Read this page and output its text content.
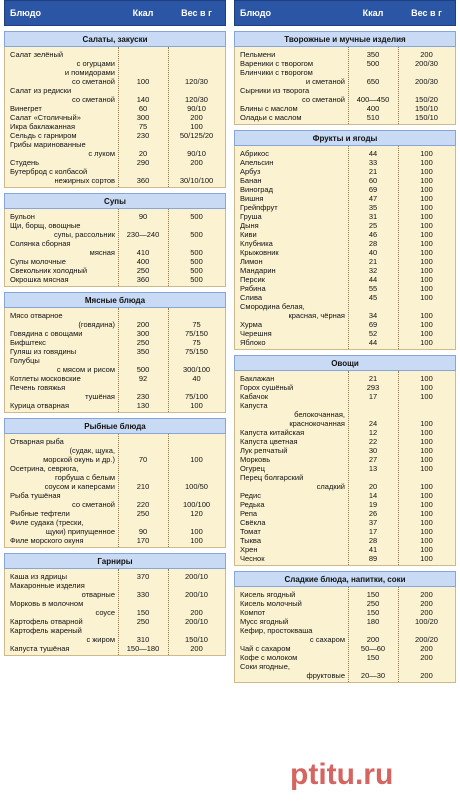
Блюдо	Ккал	Вес в г
Салаты, закуски
Салат зелёный
с огурцами
и помидорами
со сметаной	100	120/30
Салат из редиски
со сметаной	140	120/30
Винегрет	60	90/10
Салат «Столичный»	300	200
Икра баклажанная	75	100
Сельдь с гарниром	230	50/125/20
Грибы маринованные
с луком	20	90/10
Студень	290	200
Бутерброд с колбасой
нежирных сортов	360	30/10/100
Супы
Бульон	90	500
Щи, борщ, овощные
супы, рассольник	230—240	500
Солянка сборная
мясная	410	500
Супы молочные	400	500
Свекольник холодный	250	500
Окрошка мясная	360	500
Мясные блюда
Мясо отварное
(говядина)	200	75
Говядина с овощами	300	75/150
Бифштекс	250	75
Гуляш из говядины	350	75/150
Голубцы
с мясом и рисом	500	300/100
Котлеты московские	92	40
Печень говяжья
тушёная	230	75/100
Курица отварная	130	100
Рыбные блюда
Отварная рыба
(судак, щука,
морской окунь и др.)	70	100
Осетрина, севрюга,
горбуша с белым
соусом и каперсами	210	100/50
Рыба тушёная
со сметаной	220	100/100
Рыбные тефтели	250	120
Филе судака (трески,
щуки) припущенное	90	100
Филе морского окуня	170	100
Гарниры
Каша из ядрицы	370	200/10
Макаронные изделия
отварные	330	200/10
Морковь в молочном
соусе	150	200
Картофель отварной	250	200/10
Картофель жареный
с жиром	310	150/10
Капуста тушёная	150—180	200
Блюдо	Ккал	Вес в г
Творожные и мучные изделия
Пельмени	350	200
Вареники с творогом	500	200/30
Блинчики с творогом
и сметаной	650	200/30
Сырники из творога
со сметаной	400—450	150/20
Блины с маслом	400	150/10
Оладьи с маслом	510	150/10
Фрукты и ягоды
Абрикос	44	100
Апельсин	33	100
Арбуз	21	100
Банан	60	100
Виноград	69	100
Вишня	47	100
Грейпфрут	35	100
Груша	31	100
Дыня	25	100
Киви	46	100
Клубника	28	100
Крыжовник	40	100
Лимон	21	100
Мандарин	32	100
Персик	44	100
Рябина	55	100
Слива	45	100
Смородина белая,
красная, чёрная	34	100
Хурма	69	100
Черешня	52	100
Яблоко	44	100
Овощи
Баклажан	21	100
Горох сушёный	293	100
Кабачок	17	100
Капуста
белокочанная,
краснокочанная	24	100
Капуста китайская	12	100
Капуста цветная	22	100
Лук репчатый	30	100
Морковь	27	100
Огурец	13	100
Перец болгарский
сладкий	20	100
Редис	14	100
Редька	19	100
Репа	26	100
Свёкла	37	100
Томат	17	100
Тыква	28	100
Хрен	41	100
Чеснок	89	100
Сладкие блюда, напитки, соки
Кисель ягодный	150	200
Кисель молочный	250	200
Компот	150	200
Мусс ягодный	180	100/20
Кефир, простокваша
с сахаром	200	200/20
Чай с сахаром	50—60	200
Кофе с молоком	150	200
Соки ягодные,
фруктовые	20—30	200
ptitu.ru
